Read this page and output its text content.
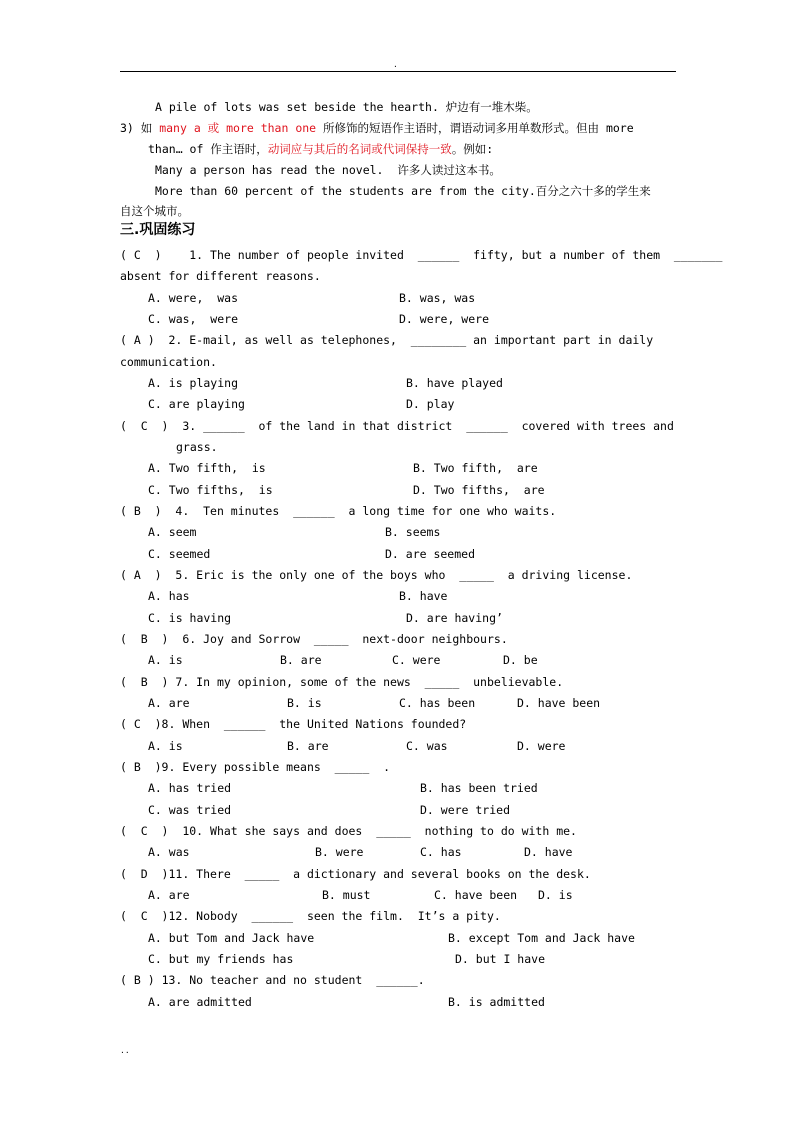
.
A pile of lots was set beside the hearth. 炉边有一堆木柴。
3) 如 many a 或 more than one 所修饰的短语作主语时，谓语动词多用单数形式。但由 more
than… of 作主语时，动词应与其后的名词或代词保持一致。例如:
Many a person has read the novel.  许多人读过这本书。
More than 60 percent of the students are from the city.百分之六十多的学生来
自这个城市。
三.巩固练习
( C  ) 1. The number of people invited  ______  fifty, but a number of them  _______
absent for different reasons.
A. were,  was	B. was, was
C. was,  were	D. were, were
( A ) 2. E-mail, as well as telephones,  ________ an important part in daily
communication.
A. is playing	B. have played
C. are playing	D. play
(  C  ) 3. ______  of the land in that district  ______  covered with trees and
grass.
A. Two fifth,  is	B. Two fifth,  are
C. Two fifths,  is	D. Two fifths,  are
( B  ) 4.  Ten minutes  ______  a long time for one who waits.
A. seem	B. seems
C. seemed	D. are seemed
( A  ) 5. Eric is the only one of the boys who  _____  a driving license.
A. has	B. have
C. is having	D. are having’
(  B  ) 6. Joy and Sorrow  _____  next-door neighbours.
A. is	B. are	C. were	D. be
(  B  ) 7. In my opinion, some of the news  _____  unbelievable.
A. are	B. is	C. has been	D. have been
( C  )8. When  ______  the United Nations founded?
A. is	B. are	C. was	D. were
( B  )9. Every possible means  _____  .
A. has tried	B. has been tried
C. was tried	D. were tried
(  C  ) 10. What she says and does  _____  nothing to do with me.
A. was	B. were	C. has	D. have
(  D  )11. There  _____  a dictionary and several books on the desk.
A. are	B. must	C. have been D. is
(  C  )12. Nobody  ______  seen the film.  It’s a pity.
A. but Tom and Jack have	B. except Tom and Jack have
C. but my friends has	D. but I have
( B ) 13. No teacher and no student  ______.
A. are admitted	B. is admitted
..
